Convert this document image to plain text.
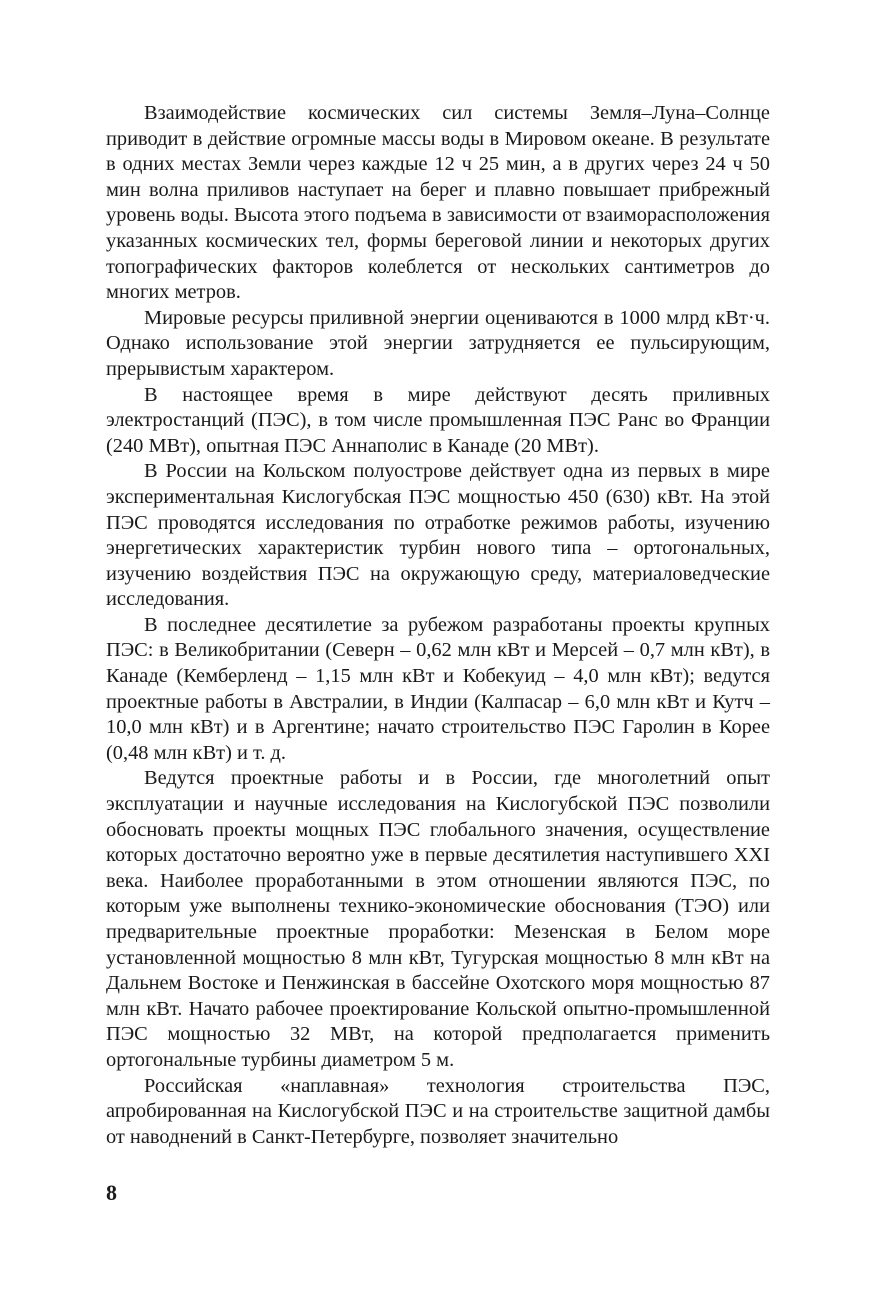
Взаимодействие космических сил системы Земля–Луна–Солнце приводит в действие огромные массы воды в Мировом океане. В результате в одних местах Земли через каждые 12 ч 25 мин, а в других через 24 ч 50 мин волна приливов наступает на берег и плавно повышает прибрежный уровень воды. Высота этого подъема в зависимости от взаиморасположения указанных космических тел, формы береговой линии и некоторых других топографических факторов колеблется от нескольких сантиметров до многих метров.

Мировые ресурсы приливной энергии оцениваются в 1000 млрд кВт·ч. Однако использование этой энергии затрудняется ее пульсирующим, прерывистым характером.

В настоящее время в мире действуют десять приливных электростанций (ПЭС), в том числе промышленная ПЭС Ранс во Франции (240 МВт), опытная ПЭС Аннаполис в Канаде (20 МВт).

В России на Кольском полуострове действует одна из первых в мире экспериментальная Кислогубская ПЭС мощностью 450 (630) кВт. На этой ПЭС проводятся исследования по отработке режимов работы, изучению энергетических характеристик турбин нового типа – ортогональных, изучению воздействия ПЭС на окружающую среду, материаловедческие исследования.

В последнее десятилетие за рубежом разработаны проекты крупных ПЭС: в Великобритании (Северн – 0,62 млн кВт и Мерсей – 0,7 млн кВт), в Канаде (Кемберленд – 1,15 млн кВт и Кобекуид – 4,0 млн кВт); ведутся проектные работы в Австралии, в Индии (Калпасар – 6,0 млн кВт и Кутч – 10,0 млн кВт) и в Аргентине; начато строительство ПЭС Гаролин в Корее (0,48 млн кВт) и т. д.

Ведутся проектные работы и в России, где многолетний опыт эксплуатации и научные исследования на Кислогубской ПЭС позволили обосновать проекты мощных ПЭС глобального значения, осуществление которых достаточно вероятно уже в первые десятилетия наступившего XXI века. Наиболее проработанными в этом отношении являются ПЭС, по которым уже выполнены технико-экономические обоснования (ТЭО) или предварительные проектные проработки: Мезенская в Белом море установленной мощностью 8 млн кВт, Тугурская мощностью 8 млн кВт на Дальнем Востоке и Пенжинская в бассейне Охотского моря мощностью 87 млн кВт. Начато рабочее проектирование Кольской опытно-промышленной ПЭС мощностью 32 МВт, на которой предполагается применить ортогональные турбины диаметром 5 м.

Российская «наплавная» технология строительства ПЭС, апробированная на Кислогубской ПЭС и на строительстве защитной дамбы от наводнений в Санкт-Петербурге, позволяет значительно

8
